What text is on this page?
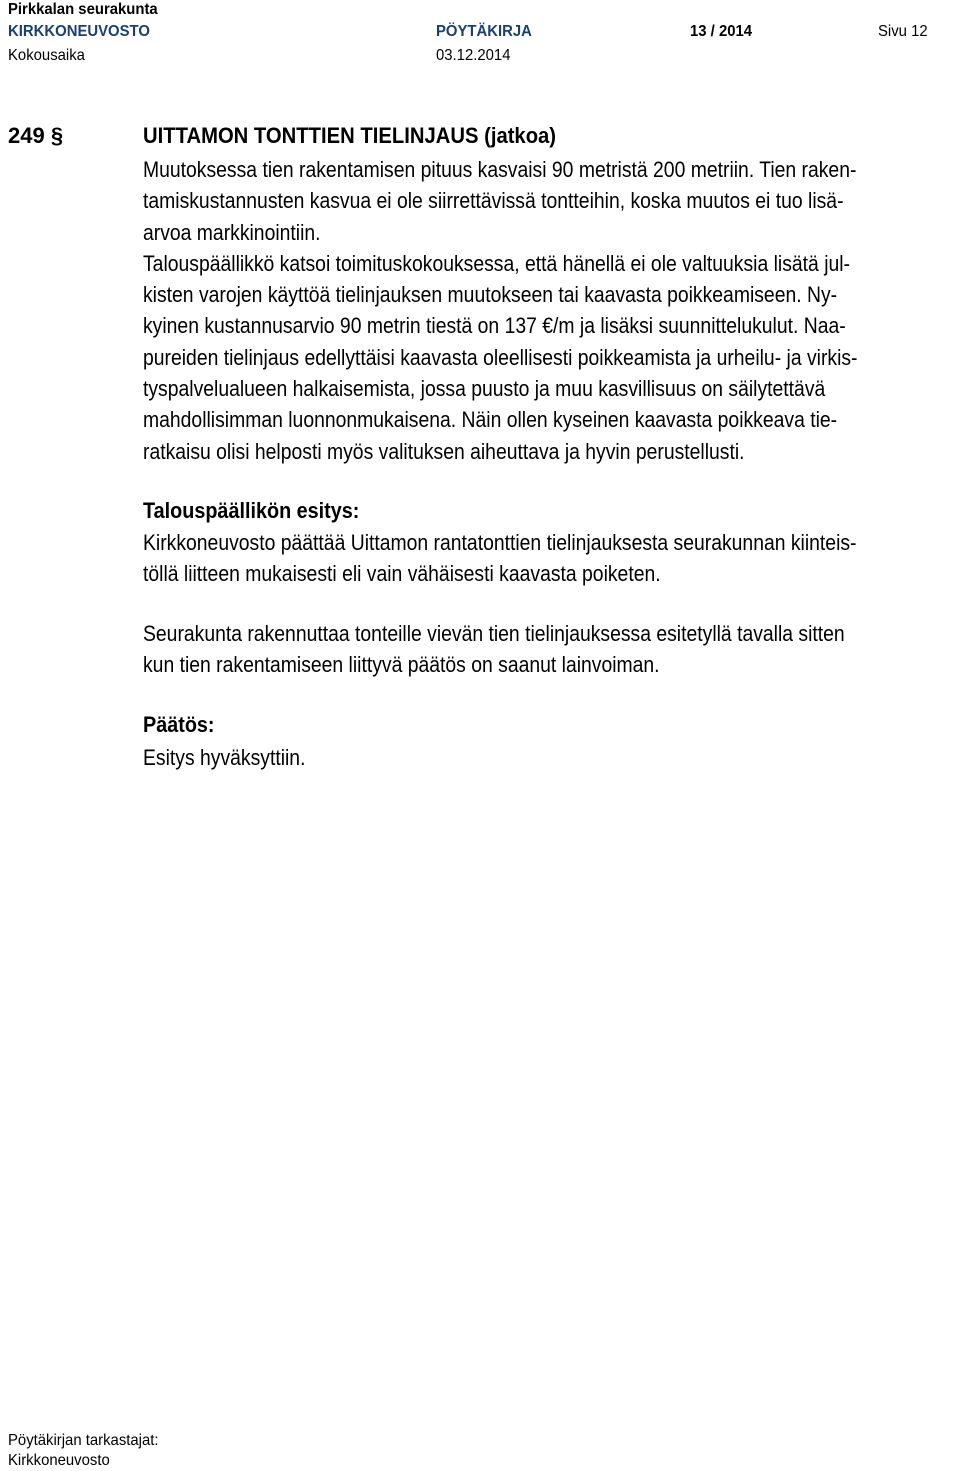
Pirkkalan seurakunta
KIRKKONEUVOSTO	PÖYTÄKIRJA	13 / 2014	Sivu 12
Kokousaika	03.12.2014
249 §	UITTAMON TONTTIEN TIELINJAUS (jatkoa)
Muutoksessa tien rakentamisen pituus kasvaisi 90 metristä 200 metriin. Tien raken-
tamiskustannusten kasvua ei ole siirrettävissä tontteihin, koska muutos ei tuo lisä-
arvoa markkinointiin.
Talouspäällikkö katsoi toimituskokouksessa, että hänellä ei ole valtuuksia lisätä jul-
kisten varojen käyttöä tielinjauksen muutokseen tai kaavasta poikkeamiseen. Ny-
kyinen kustannusarvio 90 metrin tiestä on 137 €/m ja lisäksi suunnittelukulut. Naa-
pureiden tielinjaus edellyttäisi kaavasta oleellisesti poikkeamista ja urheilu- ja virkis-
tyspalvelualueen halkaisemista, jossa puusto ja muu kasvillisuus on säilytettävä
mahdollisimman luonnonmukaisena. Näin ollen kyseinen kaavasta poikkeava tie-
ratkaisu olisi helposti myös valituksen aiheuttava ja hyvin perustellusti.
Talouspäällikön esitys:
Kirkkoneuvosto päättää Uittamon rantatonttien tielinjauksesta seurakunnan kiinteis-
töllä liitteen mukaisesti eli vain vähäisesti kaavasta poiketen.
Seurakunta rakennuttaa tonteille vievän tien tielinjauksessa esitetyllä tavalla sitten
kun tien rakentamiseen liittyvä päätös on saanut lainvoiman.
Päätös:
Esitys hyväksyttiin.
Pöytäkirjan tarkastajat:
Kirkkoneuvosto
